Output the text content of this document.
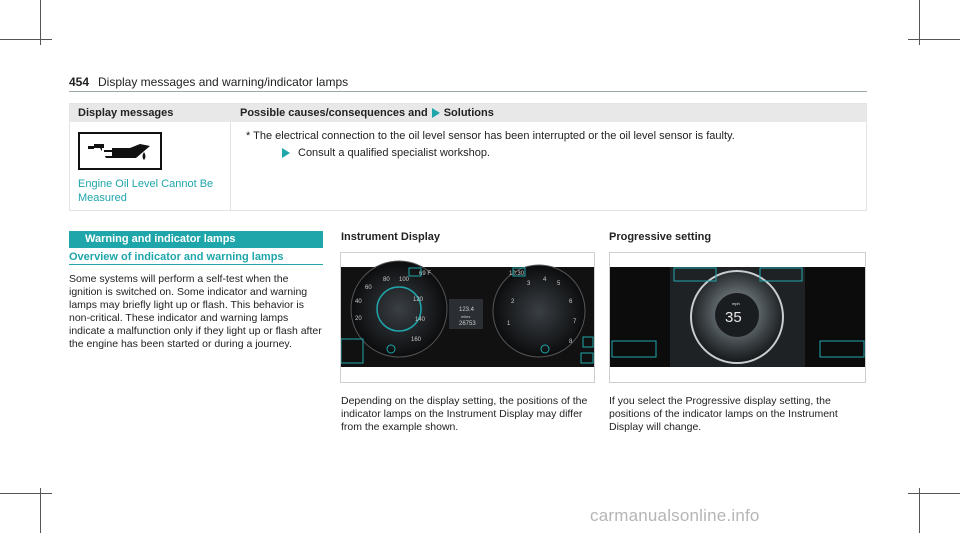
454 Display messages and warning/indicator lamps
Display messages	Possible causes/consequences and Solutions
Engine Oil Level Cannot Be Measured
* The electrical connection to the oil level sensor has been interrupted or the oil level sensor is faulty.
Consult a qualified specialist workshop.
Warning and indicator lamps
Overview of indicator and warning lamps
Some systems will perform a self-test when the ignition is switched on. Some indicator and warning lamps may briefly light up or flash. This behavior is non-critical. These indicator and warning lamps indicate a malfunction only if they light up or flash after the engine has been started or during a journey.
Instrument Display
20
40
60
80 100
120
140
160
1
2
3
4
5
6
7
8
69 F	10:30
123.4
miles
26753
Depending on the display setting, the positions of the indicator lamps on the Instrument Display may differ from the example shown.
Progressive setting
35
mph
If you select the Progressive display setting, the positions of the indicator lamps on the Instrument Display will change.
carmanualsonline.info
